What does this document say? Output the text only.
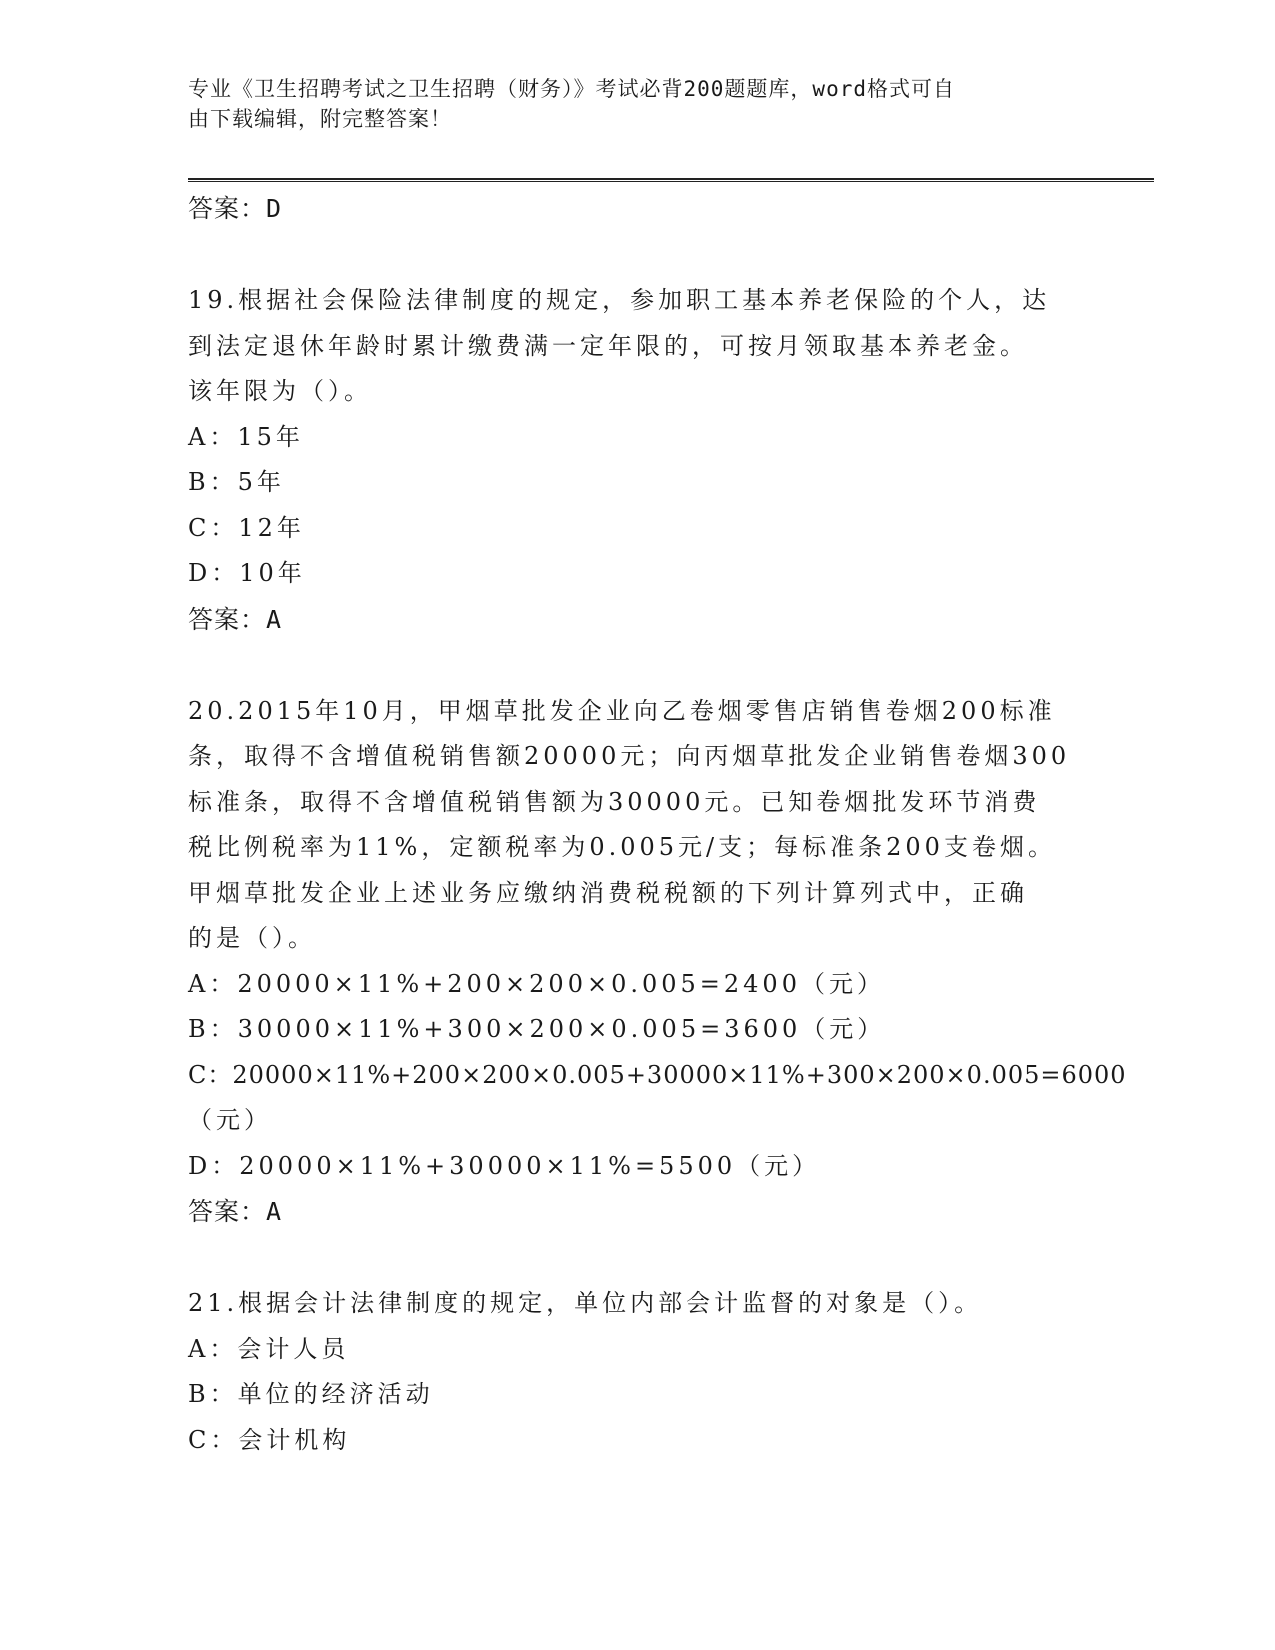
专业《卫生招聘考试之卫生招聘（财务）》考试必背200题题库，word格式可自
由下载编辑，附完整答案！
答案：D
19.根据社会保险法律制度的规定，参加职工基本养老保险的个人，达
到法定退休年龄时累计缴费满一定年限的，可按月领取基本养老金。
该年限为（）。
A：15年
B：5年
C：12年
D：10年
答案：A
20.2015年10月，甲烟草批发企业向乙卷烟零售店销售卷烟200标准
条，取得不含增值税销售额20000元；向丙烟草批发企业销售卷烟300
标准条，取得不含增值税销售额为30000元。已知卷烟批发环节消费
税比例税率为11%，定额税率为0.005元/支；每标准条200支卷烟。
甲烟草批发企业上述业务应缴纳消费税税额的下列计算列式中，正确
的是（）。
A：20000×11%+200×200×0.005=2400（元）
B：30000×11%+300×200×0.005=3600（元）
C：20000×11%+200×200×0.005+30000×11%+300×200×0.005=6000
（元）
D：20000×11%+30000×11%=5500（元）
答案：A
21.根据会计法律制度的规定，单位内部会计监督的对象是（）。
A：会计人员
B：单位的经济活动
C：会计机构
